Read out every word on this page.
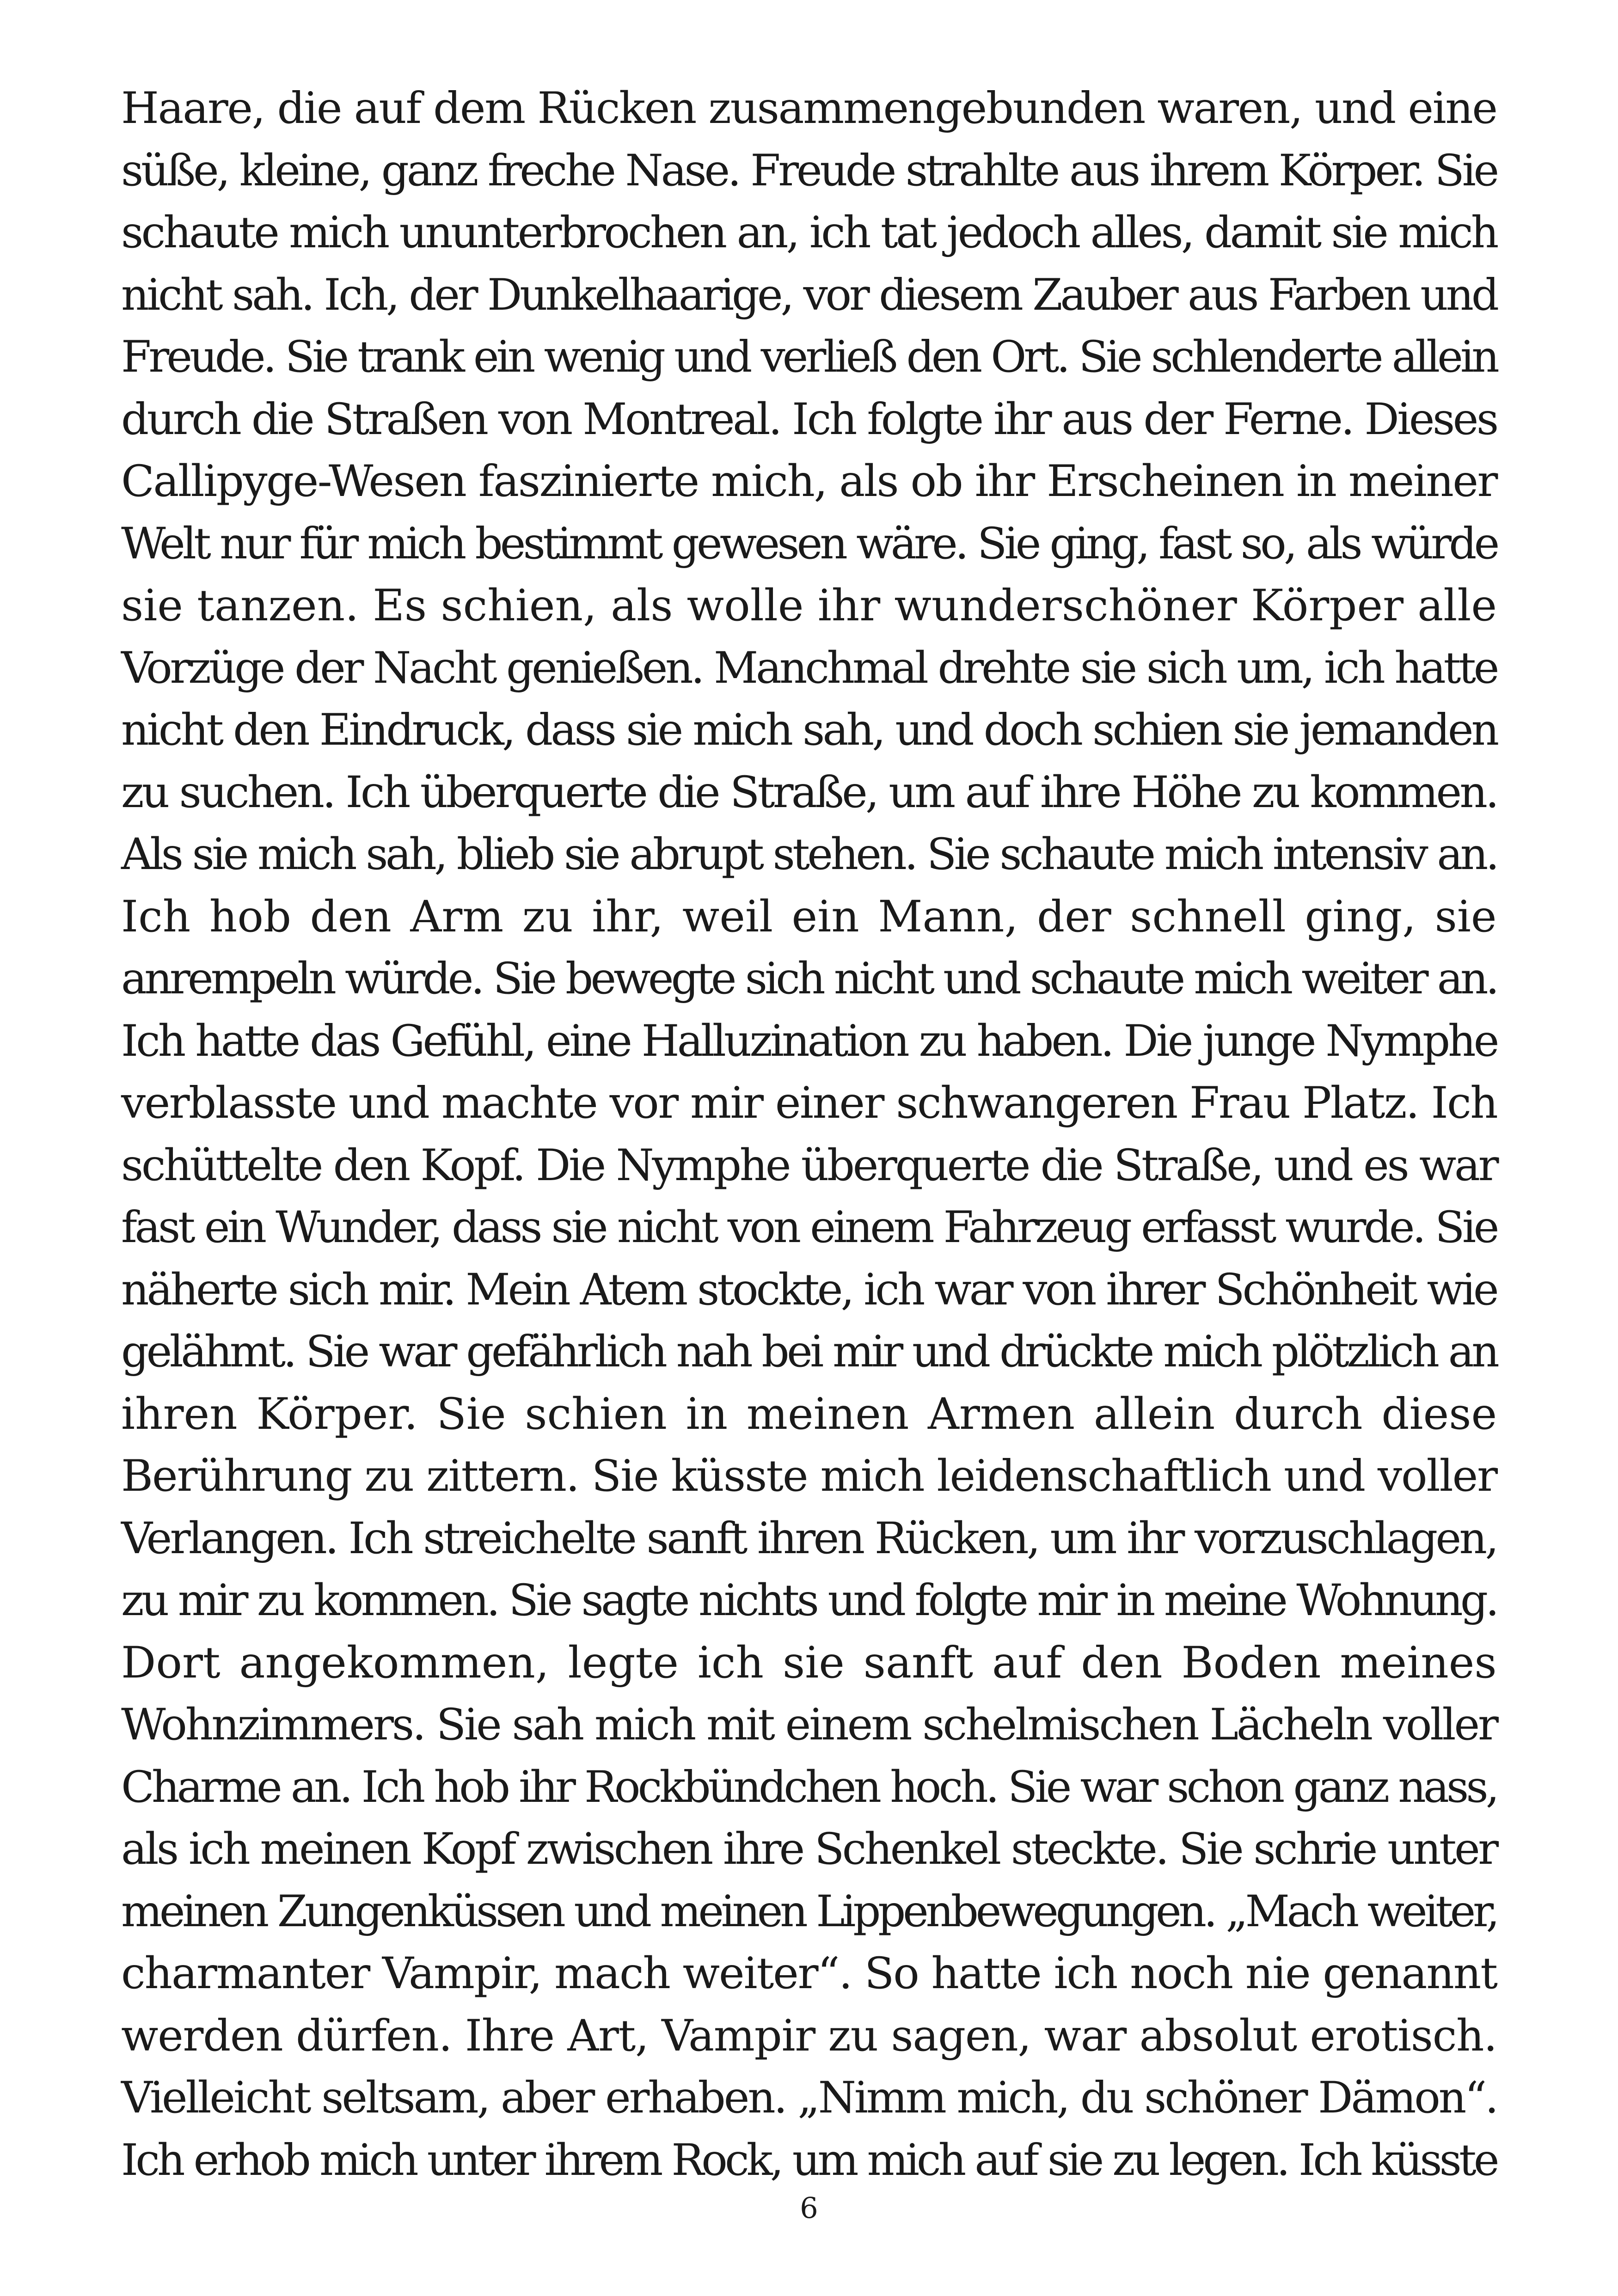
Haare, die auf dem Rücken zusammengebunden waren, und eine
süße, kleine, ganz freche Nase. Freude strahlte aus ihrem Körper. Sie
schaute mich ununterbrochen an, ich tat jedoch alles, damit sie mich
nicht sah. Ich, der Dunkelhaarige, vor diesem Zauber aus Farben und
Freude. Sie trank ein wenig und verließ den Ort. Sie schlenderte allein
durch die Straßen von Montreal. Ich folgte ihr aus der Ferne. Dieses
Callipyge-Wesen faszinierte mich, als ob ihr Erscheinen in meiner
Welt nur für mich bestimmt gewesen wäre. Sie ging, fast so, als würde
sie tanzen. Es schien, als wolle ihr wunderschöner Körper alle
Vorzüge der Nacht genießen. Manchmal drehte sie sich um, ich hatte
nicht den Eindruck, dass sie mich sah, und doch schien sie jemanden
zu suchen. Ich überquerte die Straße, um auf ihre Höhe zu kommen.
Als sie mich sah, blieb sie abrupt stehen. Sie schaute mich intensiv an.
Ich hob den Arm zu ihr, weil ein Mann, der schnell ging, sie
anrempeln würde. Sie bewegte sich nicht und schaute mich weiter an.
Ich hatte das Gefühl, eine Halluzination zu haben. Die junge Nymphe
verblasste und machte vor mir einer schwangeren Frau Platz. Ich
schüttelte den Kopf. Die Nymphe überquerte die Straße, und es war
fast ein Wunder, dass sie nicht von einem Fahrzeug erfasst wurde. Sie
näherte sich mir. Mein Atem stockte, ich war von ihrer Schönheit wie
gelähmt. Sie war gefährlich nah bei mir und drückte mich plötzlich an
ihren Körper. Sie schien in meinen Armen allein durch diese
Berührung zu zittern. Sie küsste mich leidenschaftlich und voller
Verlangen. Ich streichelte sanft ihren Rücken, um ihr vorzuschlagen,
zu mir zu kommen. Sie sagte nichts und folgte mir in meine Wohnung.
Dort angekommen, legte ich sie sanft auf den Boden meines
Wohnzimmers. Sie sah mich mit einem schelmischen Lächeln voller
Charme an. Ich hob ihr Rockbündchen hoch. Sie war schon ganz nass,
als ich meinen Kopf zwischen ihre Schenkel steckte. Sie schrie unter
meinen Zungenküssen und meinen Lippenbewegungen. „Mach weiter,
charmanter Vampir, mach weiter“. So hatte ich noch nie genannt
werden dürfen. Ihre Art, Vampir zu sagen, war absolut erotisch.
Vielleicht seltsam, aber erhaben. „Nimm mich, du schöner Dämon“.
Ich erhob mich unter ihrem Rock, um mich auf sie zu legen. Ich küsste
6
